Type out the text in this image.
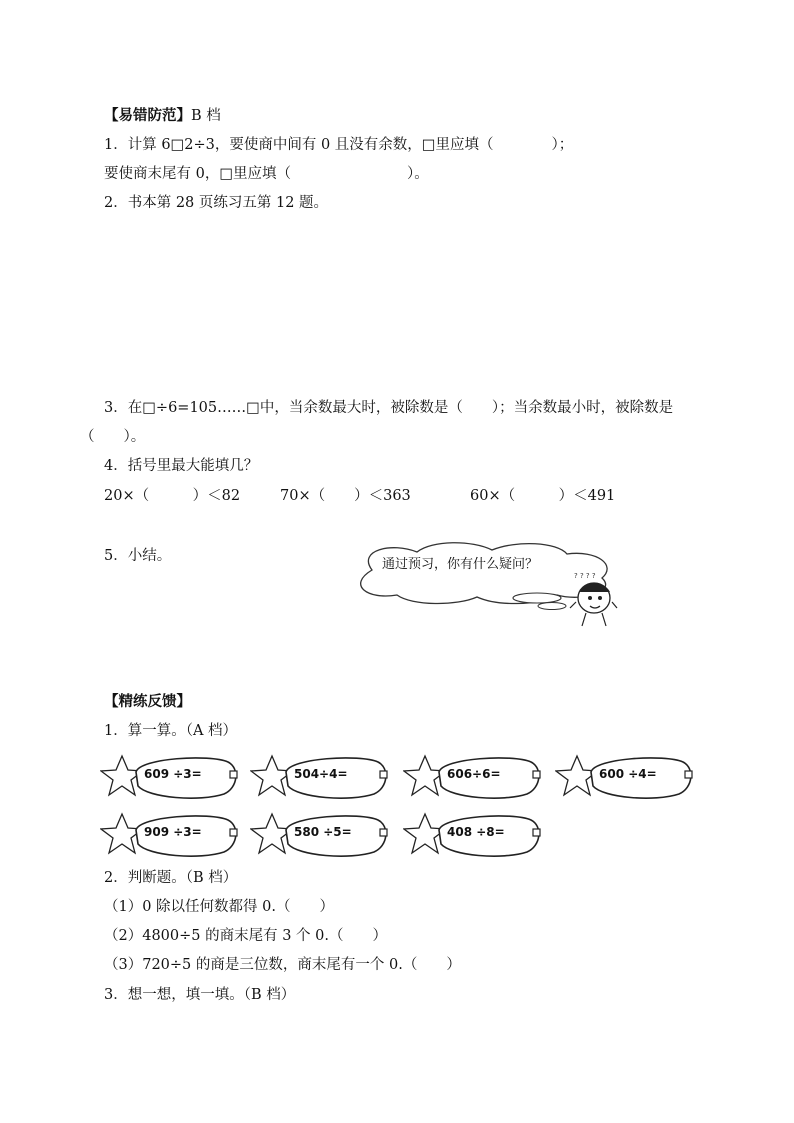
【易错防范】B 档
1．计算 6□2÷3，要使商中间有 0 且没有余数，□里应填（　　　　）；
要使商末尾有 0，□里应填（　　　　　　　　）。
2．书本第 28 页练习五第 12 题。
3．在□÷6=105……□中，当余数最大时，被除数是（　　）；当余数最小时，被除数是
（　　）。
4．括号里最大能填几？
20×（　　　）＜82	70×（　　）＜363	60×（　　　）＜491
5．小结。
通过预习，你有什么疑问？
? ? ? ?
【精练反馈】
1．算一算。（A 档）
609 ÷3=	504÷4=	606÷6=	600 ÷4=
909 ÷3=	580 ÷5=	408 ÷8=
2．判断题。（B 档）
（1）0 除以任何数都得 0.（　　）
（2）4800÷5 的商末尾有 3 个 0.（　　）
（3）720÷5 的商是三位数，商末尾有一个 0.（　　）
3．想一想，填一填。（B 档）
